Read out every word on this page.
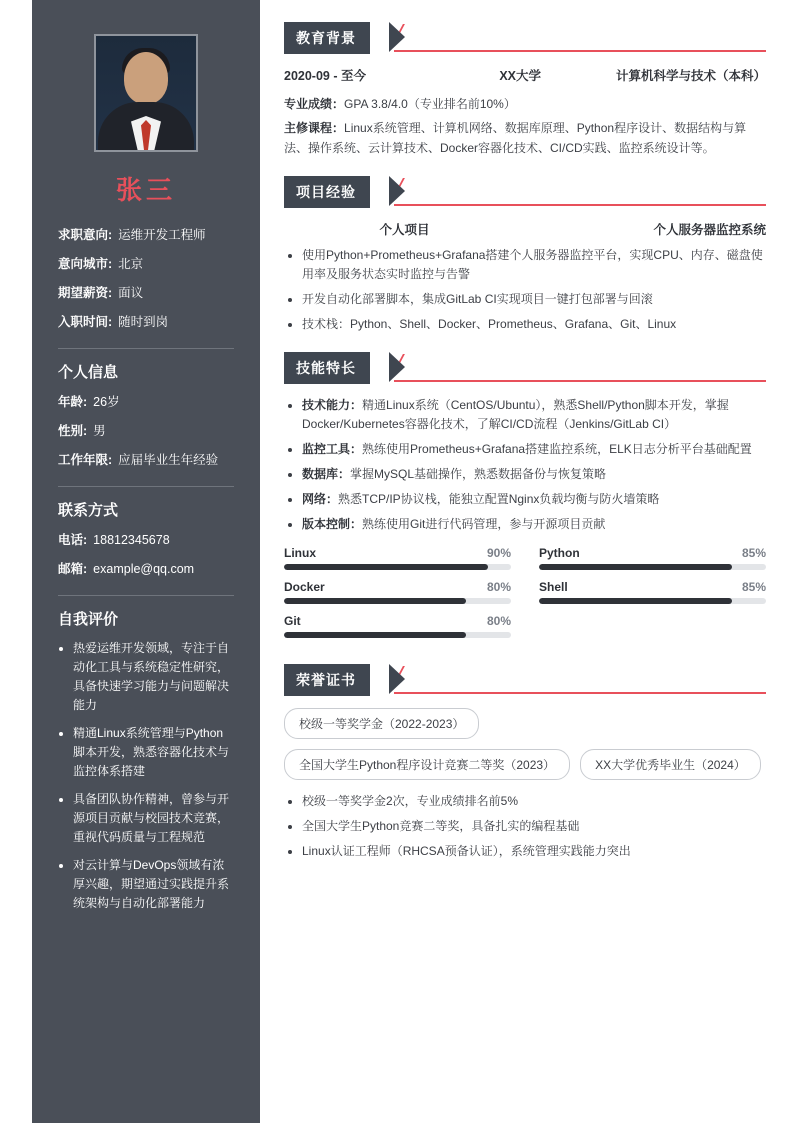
张三
求职意向: 运维开发工程师
意向城市: 北京
期望薪资: 面议
入职时间: 随时到岗
个人信息
年龄: 26岁
性别: 男
工作年限: 应届毕业生年经验
联系方式
电话: 18812345678
邮箱: example@qq.com
自我评价
• 热爱运维开发领域，专注于自动化工具与系统稳定性研究，具备快速学习能力与问题解决能力
• 精通Linux系统管理与Python脚本开发，熟悉容器化技术与监控体系搭建
• 具备团队协作精神，曾参与开源项目贡献与校园技术竞赛，重视代码质量与工程规范
• 对云计算与DevOps领域有浓厚兴趣，期望通过实践提升系统架构与自动化部署能力
教育背景
2020-09 - 至今	XX大学	计算机科学与技术（本科）
专业成绩：GPA 3.8/4.0（专业排名前10%）
主修课程：Linux系统管理、计算机网络、数据库原理、Python程序设计、数据结构与算法、操作系统、云计算技术、Docker容器化技术、CI/CD实践、监控系统设计等。
项目经验
个人项目	个人服务器监控系统
• 使用Python+Prometheus+Grafana搭建个人服务器监控平台，实现CPU、内存、磁盘使用率及服务状态实时监控与告警
• 开发自动化部署脚本，集成GitLab CI实现项目一键打包部署与回滚
• 技术栈：Python、Shell、Docker、Prometheus、Grafana、Git、Linux
技能特长
• 技术能力：精通Linux系统（CentOS/Ubuntu），熟悉Shell/Python脚本开发，掌握Docker/Kubernetes容器化技术，了解CI/CD流程（Jenkins/GitLab CI）
• 监控工具：熟练使用Prometheus+Grafana搭建监控系统，ELK日志分析平台基础配置
• 数据库：掌握MySQL基础操作，熟悉数据备份与恢复策略
• 网络：熟悉TCP/IP协议栈，能独立配置Nginx负载均衡与防火墙策略
• 版本控制：熟练使用Git进行代码管理，参与开源项目贡献
Linux	90% Python	85%
Docker	80% Shell	85%
Git	80%
荣誉证书
校级一等奖学金（2022-2023）
全国大学生Python程序设计竞赛二等奖（2023）	XX大学优秀毕业生（2024）
• 校级一等奖学金2次，专业成绩排名前5%
• 全国大学生Python竞赛二等奖，具备扎实的编程基础
• Linux认证工程师（RHCSA预备认证），系统管理实践能力突出
